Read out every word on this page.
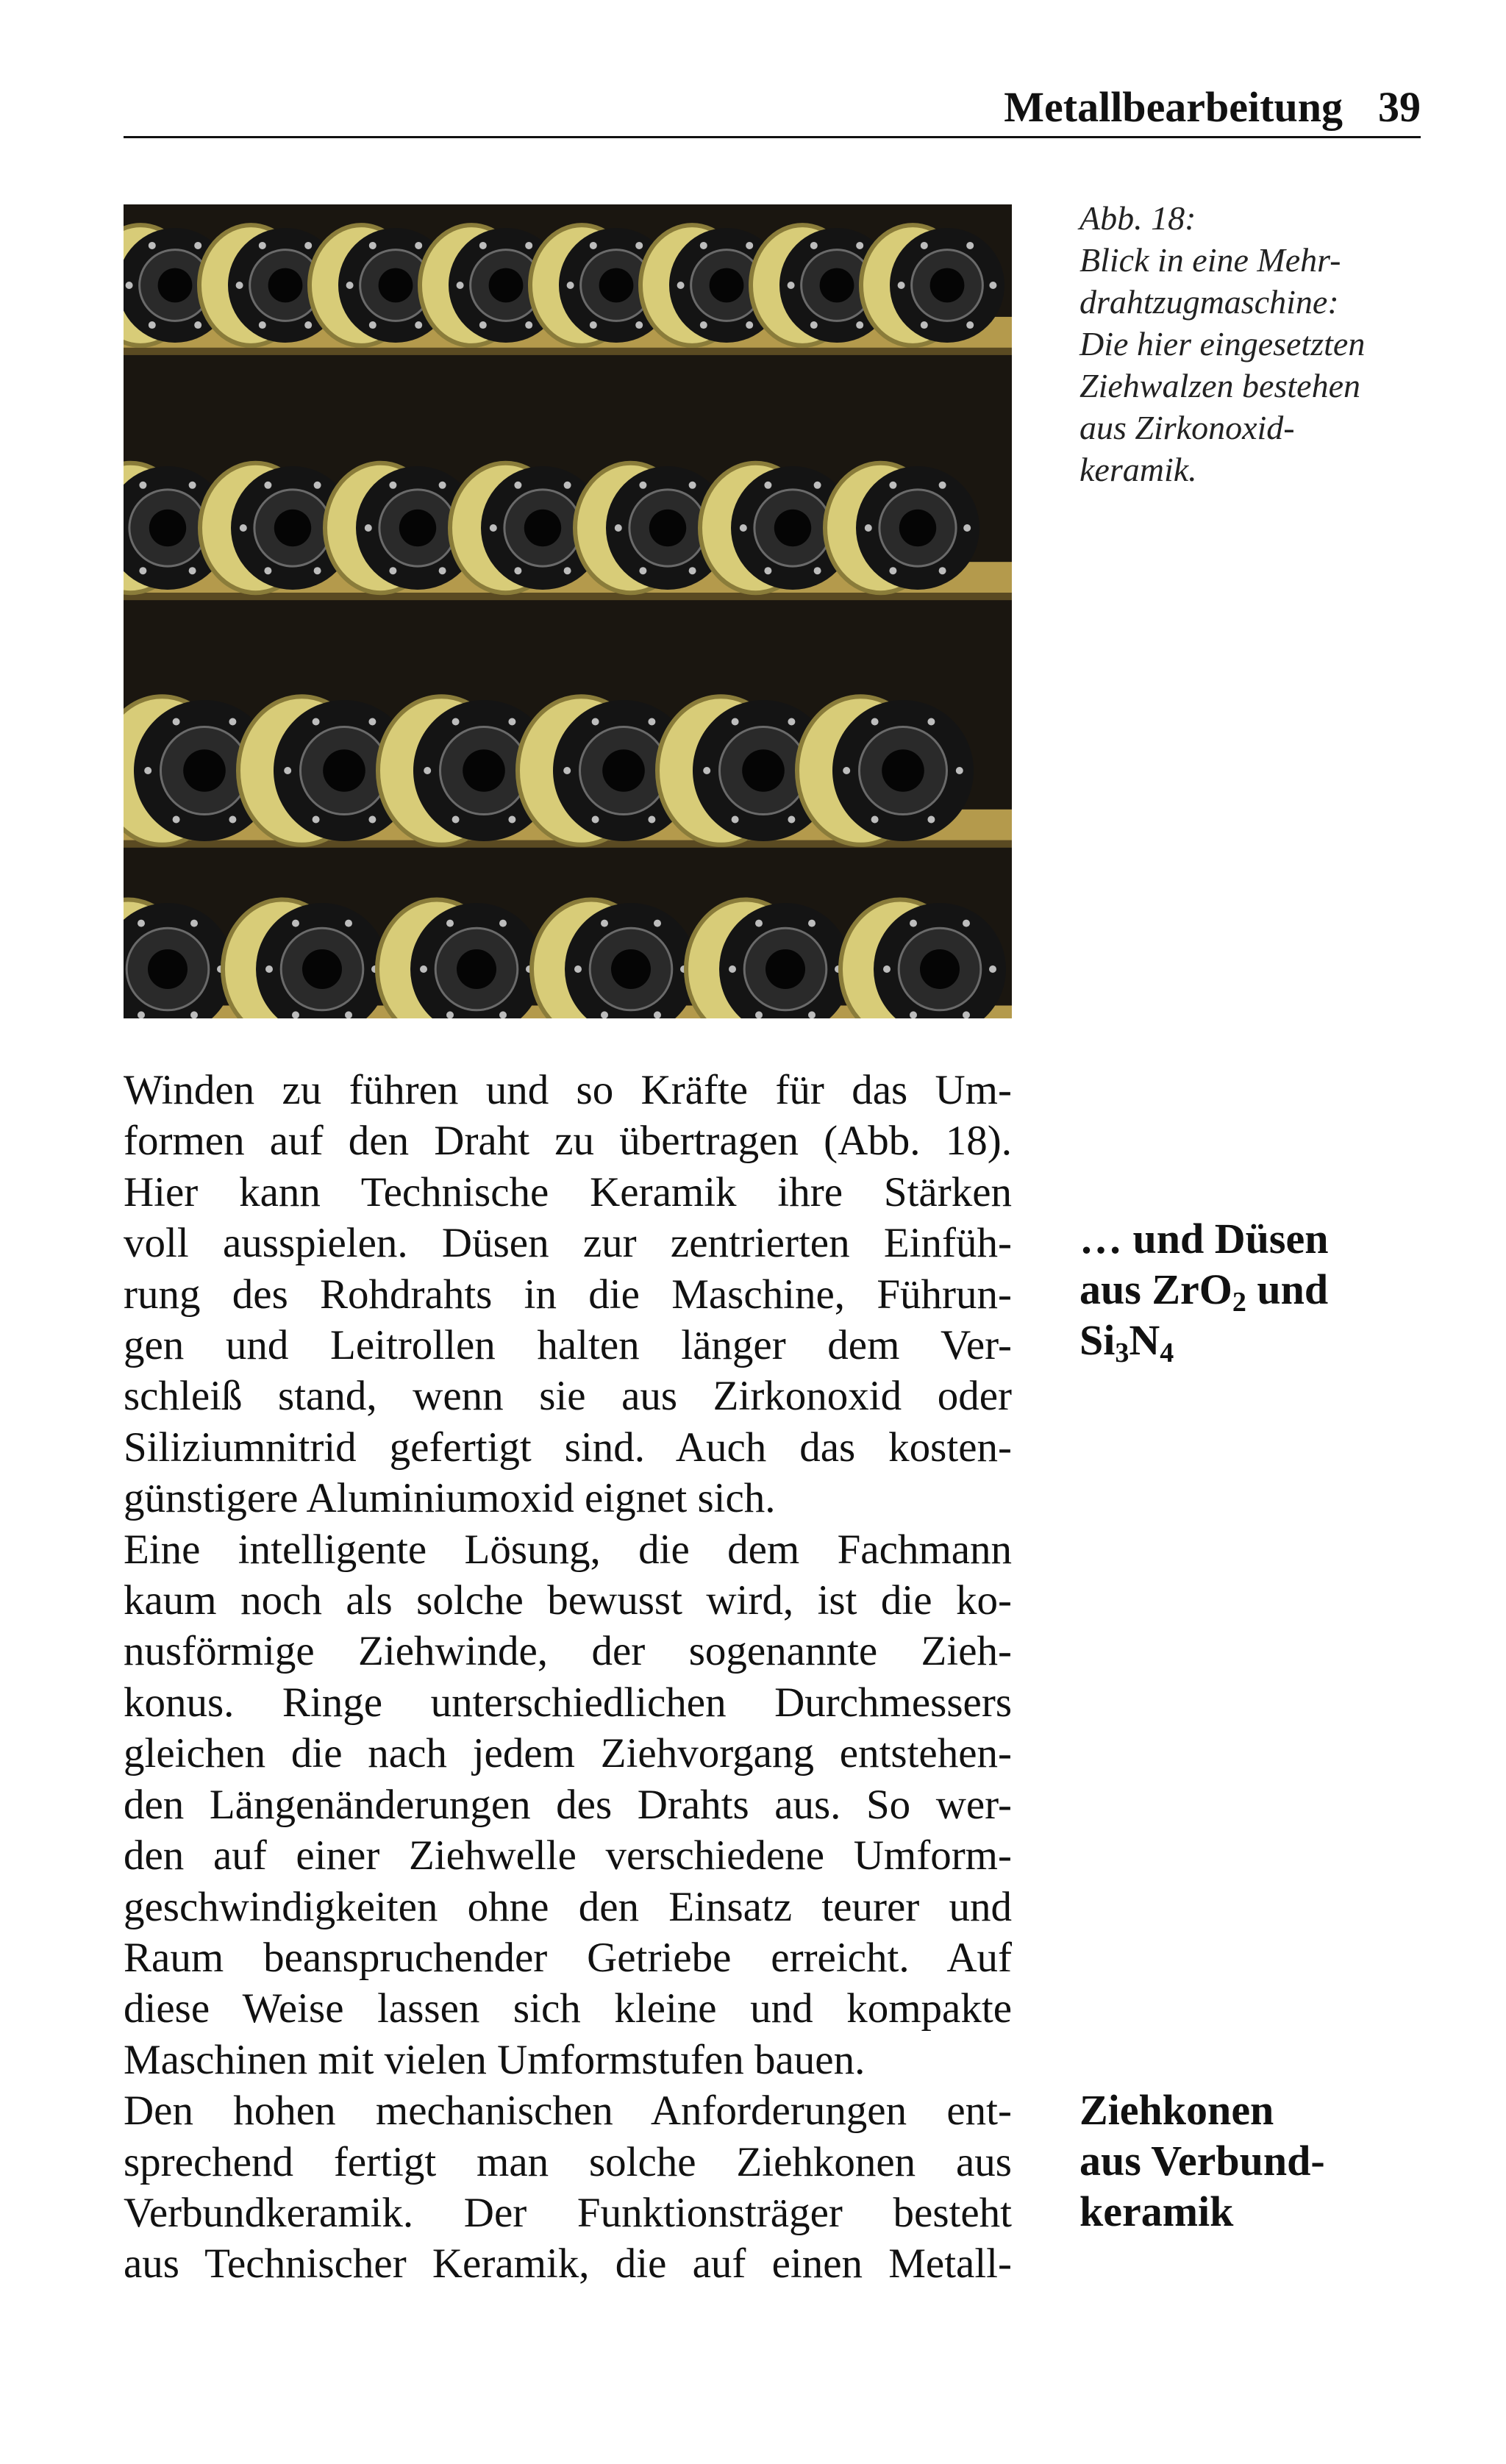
Metallbearbeitung 39
Abb. 18:
Blick in eine Mehr-
drahtzugmaschine:
Die hier eingesetzten
Ziehwalzen bestehen
aus Zirkonoxid-
keramik.
Winden zu führen und so Kräfte für das Um-
formen auf den Draht zu übertragen (Abb. 18).
Hier kann Technische Keramik ihre Stärken
voll ausspielen. Düsen zur zentrierten Einfüh-
rung des Rohdrahts in die Maschine, Führun-
gen und Leitrollen halten länger dem Ver-
schleiß stand, wenn sie aus Zirkonoxid oder
Siliziumnitrid gefertigt sind. Auch das kosten-
günstigere Aluminiumoxid eignet sich.
Eine intelligente Lösung, die dem Fachmann
kaum noch als solche bewusst wird, ist die ko-
nusförmige Ziehwinde, der sogenannte Zieh-
konus. Ringe unterschiedlichen Durchmessers
gleichen die nach jedem Ziehvorgang entstehen-
den Längenänderungen des Drahts aus. So wer-
den auf einer Ziehwelle verschiedene Umform-
geschwindigkeiten ohne den Einsatz teurer und
Raum beanspruchender Getriebe erreicht. Auf
diese Weise lassen sich kleine und kompakte
Maschinen mit vielen Umformstufen bauen.
Den hohen mechanischen Anforderungen ent-
sprechend fertigt man solche Ziehkonen aus
Verbundkeramik. Der Funktionsträger besteht
aus Technischer Keramik, die auf einen Metall-
… und Düsen
aus ZrO$_2$ und
$Si_3N_4$
Ziehkonen
aus Verbund-
keramik
